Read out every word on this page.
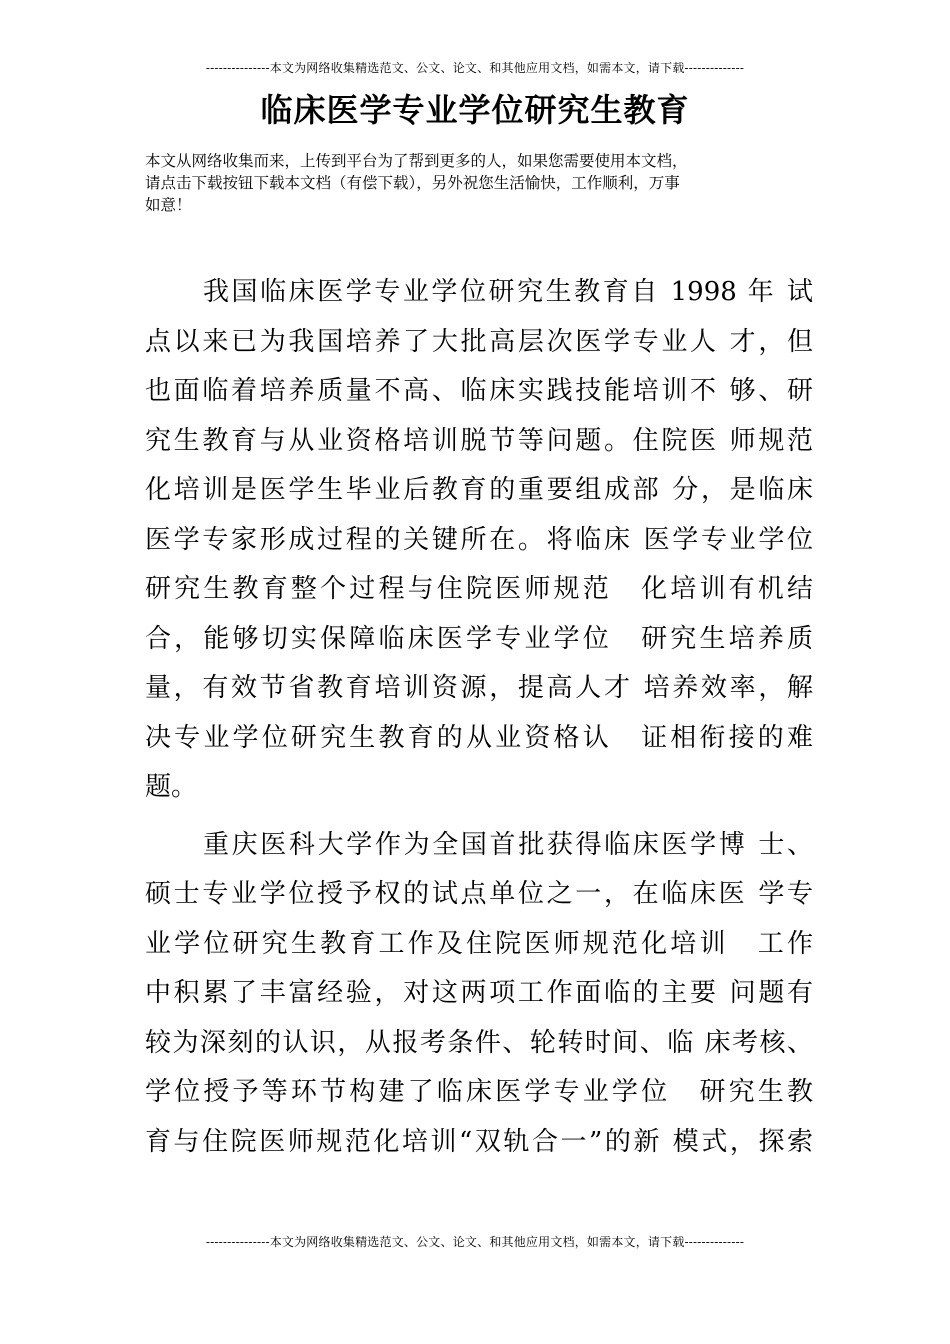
---------------本文为网络收集精选范文、公文、论文、和其他应用文档，如需本文，请下载--------------
临床医学专业学位研究生教育
本文从网络收集而来，上传到平台为了帮到更多的人，如果您需要使用本文档，
请点击下载按钮下载本文档（有偿下载），另外祝您生活愉快，工作顺利，万事
如意！
我国临床医学专业学位研究生教育自 1998 年 试
点以来已为我国培养了大批高层次医学专业人 才，但
也面临着培养质量不高、临床实践技能培训不 够、研
究生教育与从业资格培训脱节等问题。住院医 师规范
化培训是医学生毕业后教育的重要组成部 分，是临床
医学专家形成过程的关键所在。将临床 医学专业学位
研究生教育整个过程与住院医师规范　化培训有机结
合，能够切实保障临床医学专业学位　研究生培养质
量，有效节省教育培训资源，提高人才 培养效率，解
决专业学位研究生教育的从业资格认　证相衔接的难
题。
重庆医科大学作为全国首批获得临床医学博 士、
硕士专业学位授予权的试点单位之一，在临床医 学专
业学位研究生教育工作及住院医师规范化培训　工作
中积累了丰富经验，对这两项工作面临的主要 问题有
较为深刻的认识，从报考条件、轮转时间、临 床考核、
学位授予等环节构建了临床医学专业学位　研究生教
育与住院医师规范化培训“双轨合一”的新 模式，探索
---------------本文为网络收集精选范文、公文、论文、和其他应用文档，如需本文，请下载--------------
